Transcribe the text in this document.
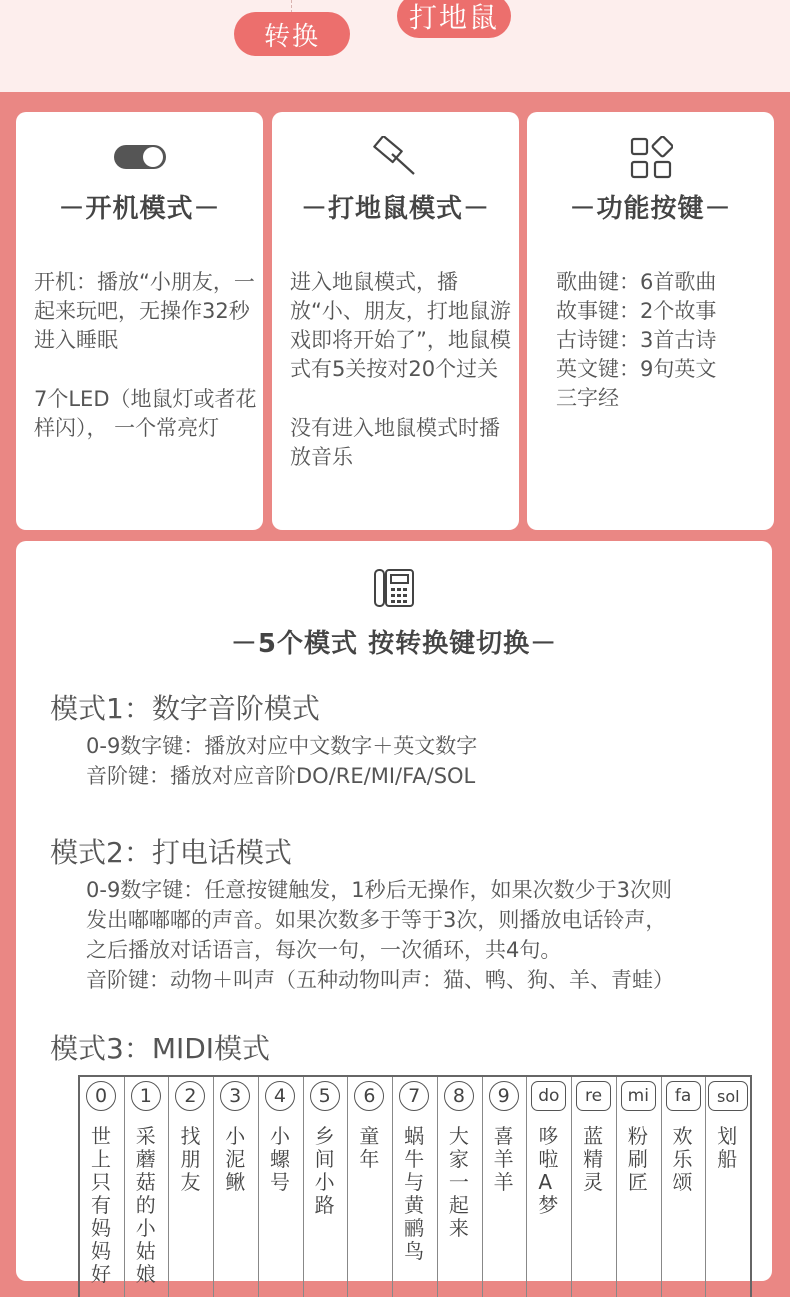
转换
打地鼠
－开机模式－

开机：播放“小朋友，一起来玩吧，无操作32秒进入睡眠

7个LED（地鼠灯或者花样闪）， 一个常亮灯

－打地鼠模式－

进入地鼠模式，播放“小、朋友，打地鼠游戏即将开始了”，地鼠模式有5关按对20个过关

没有进入地鼠模式时播放音乐

－功能按键－
歌曲键：6首歌曲
故事键：2个故事
古诗键：3首古诗
英文键：9句英文
三字经
－5个模式 按转换键切换－
模式1：数字音阶模式
0-9数字键：播放对应中文数字＋英文数字
音阶键：播放对应音阶DO/RE/MI/FA/SOL
模式2：打电话模式
0-9数字键：任意按键触发，1秒后无操作，如果次数少于3次则
发出嘟嘟嘟的声音。如果次数多于等于3次，则播放电话铃声，
之后播放对话语言，每次一句，一次循环，共4句。
音阶键：动物＋叫声（五种动物叫声：猫、鸭、狗、羊、青蛙）
模式3：MIDI模式
0
世上只有妈妈好
1
采蘑菇的小姑娘
2
找朋友
3
小泥鳅
4
小螺号
5
乡间小路
6
童年
7
蜗牛与黄鹂鸟
8
大家一起来
9
喜羊羊
do
哆啦A梦
re
蓝精灵
mi
粉刷匠
fa
欢乐颂
sol
划船
